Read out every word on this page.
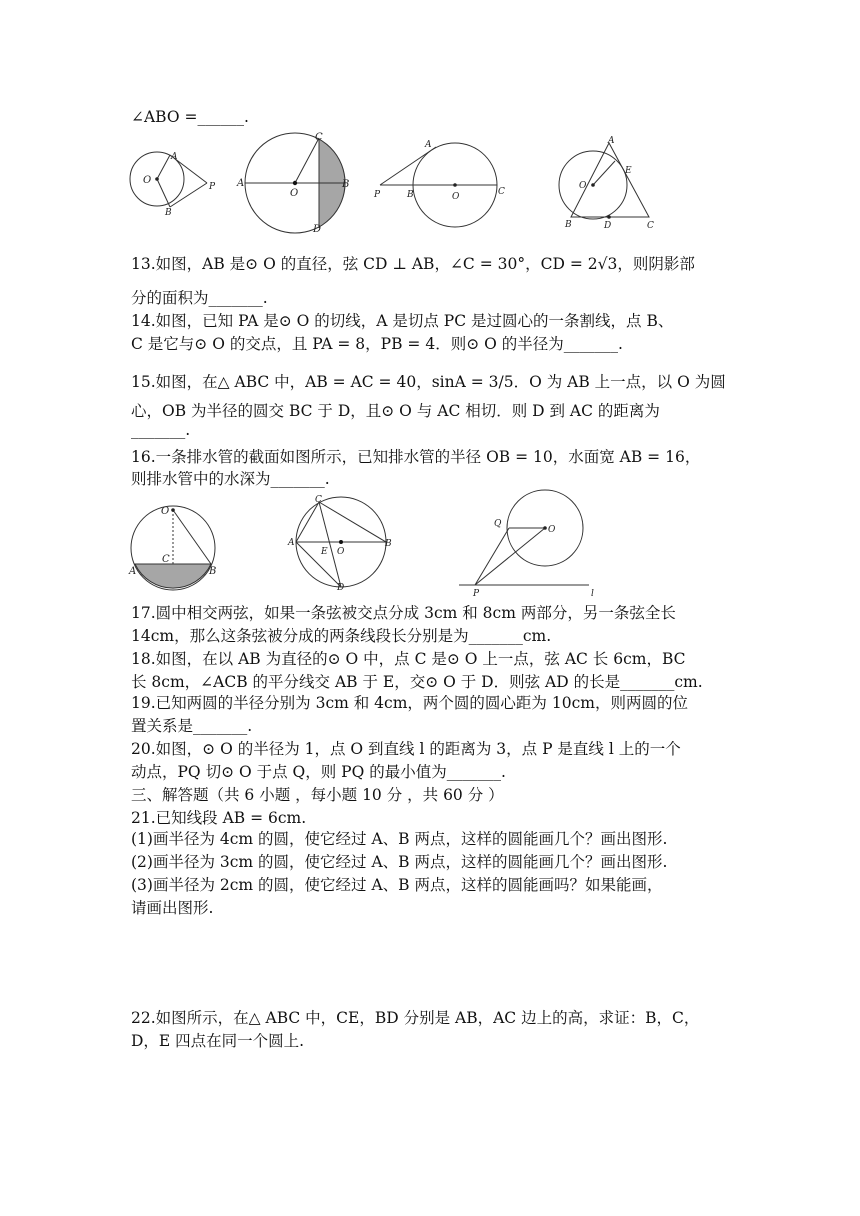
∠ABO =______.
O
A
B
P A
O
B
C
D
A
P	B	O	C
A
O
E
B	D	C
13.如图，AB 是⊙ O 的直径，弦 CD ⊥ AB，∠C = 30°，CD = 2√3，则阴影部
分的面积为_______.
14.如图，已知 PA 是⊙ O 的切线，A 是切点 PC 是过圆心的一条割线，点 B、
C 是它与⊙ O 的交点，且 PA = 8，PB = 4．则⊙ O 的半径为_______.
15.如图，在△ ABC 中，AB = AC = 40，sinA = 3/5．O 为 AB 上一点，以 O 为圆
心，OB 为半径的圆交 BC 于 D，且⊙ O 与 AC 相切．则 D 到 AC 的距离为
_______.
16.一条排水管的截面如图所示，已知排水管的半径 OB = 10，水面宽 AB = 16，
则排水管中的水深为_______.
O
C
A	B
C
A
E O
B
D
Q
O
P	l
17.圆中相交两弦，如果一条弦被交点分成 3cm 和 8cm 两部分，另一条弦全长
14cm，那么这条弦被分成的两条线段长分别是为_______cm.
18.如图，在以 AB 为直径的⊙ O 中，点 C 是⊙ O 上一点，弦 AC 长 6cm，BC
长 8cm，∠ACB 的平分线交 AB 于 E，交⊙ O 于 D．则弦 AD 的长是_______cm.
19.已知两圆的半径分别为 3cm 和 4cm，两个圆的圆心距为 10cm，则两圆的位
置关系是_______.
20.如图，⊙ O 的半径为 1，点 O 到直线 l 的距离为 3，点 P 是直线 l 上的一个
动点，PQ 切⊙ O 于点 Q，则 PQ 的最小值为_______.
三、解答题（共 6 小题 ，每小题 10 分 ，共 60 分 ）
21.已知线段 AB = 6cm.
(1)画半径为 4cm 的圆，使它经过 A、B 两点，这样的圆能画几个？画出图形.
(2)画半径为 3cm 的圆，使它经过 A、B 两点，这样的圆能画几个？画出图形.
(3)画半径为 2cm 的圆，使它经过 A、B 两点，这样的圆能画吗？如果能画，
请画出图形.
22.如图所示，在△ ABC 中，CE，BD 分别是 AB，AC 边上的高，求证：B，C，
D，E 四点在同一个圆上.
